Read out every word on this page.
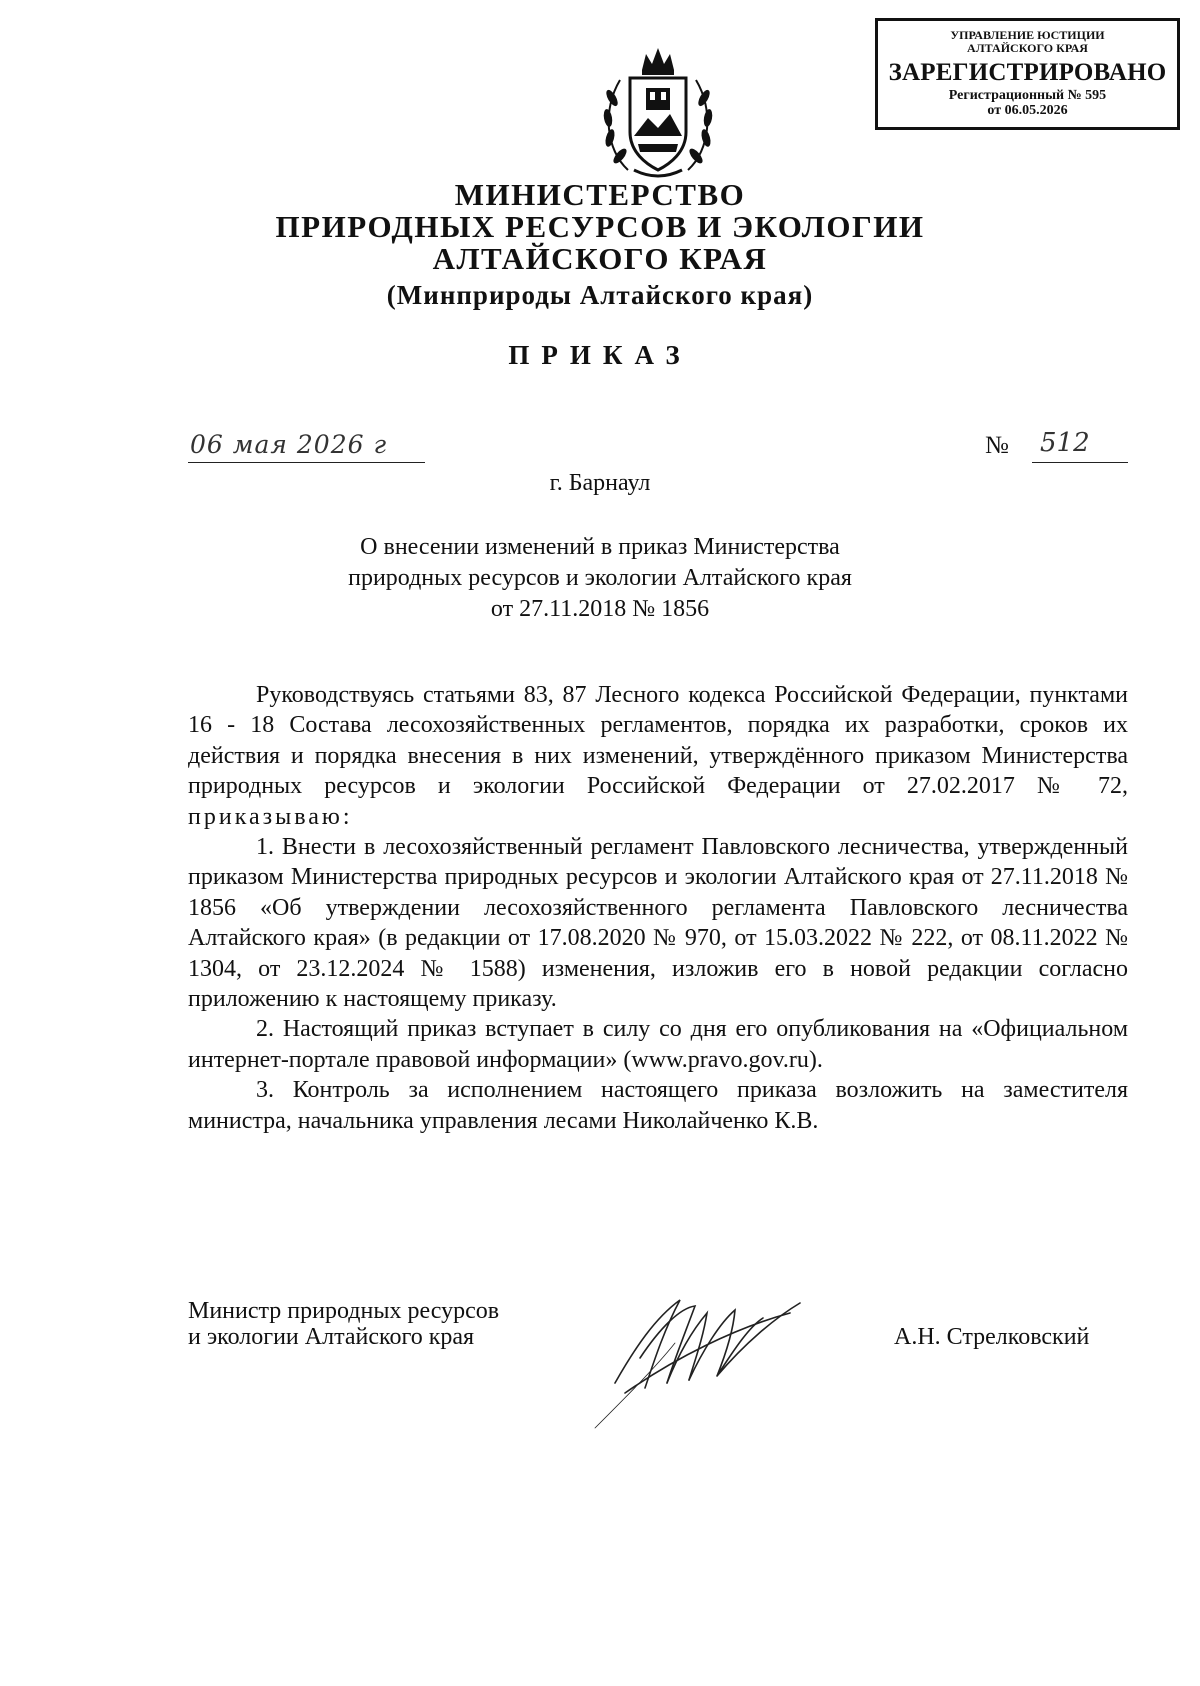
УПРАВЛЕНИЕ ЮСТИЦИИ АЛТАЙСКОГО КРАЯ
ЗАРЕГИСТРИРОВАНО
Регистрационный № 595
от 06.05.2026
МИНИСТЕРСТВО
ПРИРОДНЫХ РЕСУРСОВ И ЭКОЛОГИИ
АЛТАЙСКОГО КРАЯ
(Минприроды Алтайского края)
ПРИКАЗ
06 мая 2026 г	№ 512
г. Барнаул
О внесении изменений в приказ Министерства
природных ресурсов и экологии Алтайского края
от 27.11.2018 № 1856

Руководствуясь статьями 83, 87 Лесного кодекса Российской Федерации, пунктами 16 - 18 Состава лесохозяйственных регламентов, порядка их разработки, сроков их действия и порядка внесения в них изменений, утверждённого приказом Министерства природных ресурсов и экологии Российской Федерации от 27.02.2017 № 72, приказываю:

1. Внести в лесохозяйственный регламент Павловского лесничества, утвержденный приказом Министерства природных ресурсов и экологии Алтайского края от 27.11.2018 № 1856 «Об утверждении лесохозяйственного регламента Павловского лесничества Алтайского края» (в редакции от 17.08.2020 № 970, от 15.03.2022 № 222, от 08.11.2022 № 1304, от 23.12.2024 № 1588) изменения, изложив его в новой редакции согласно приложению к настоящему приказу.

2. Настоящий приказ вступает в силу со дня его опубликования на «Официальном интернет-портале правовой информации» (www.pravo.gov.ru).

3. Контроль за исполнением настоящего приказа возложить на заместителя министра, начальника управления лесами Николайченко К.В.

Министр природных ресурсов
и экологии Алтайского края	А.Н. Стрелковский
